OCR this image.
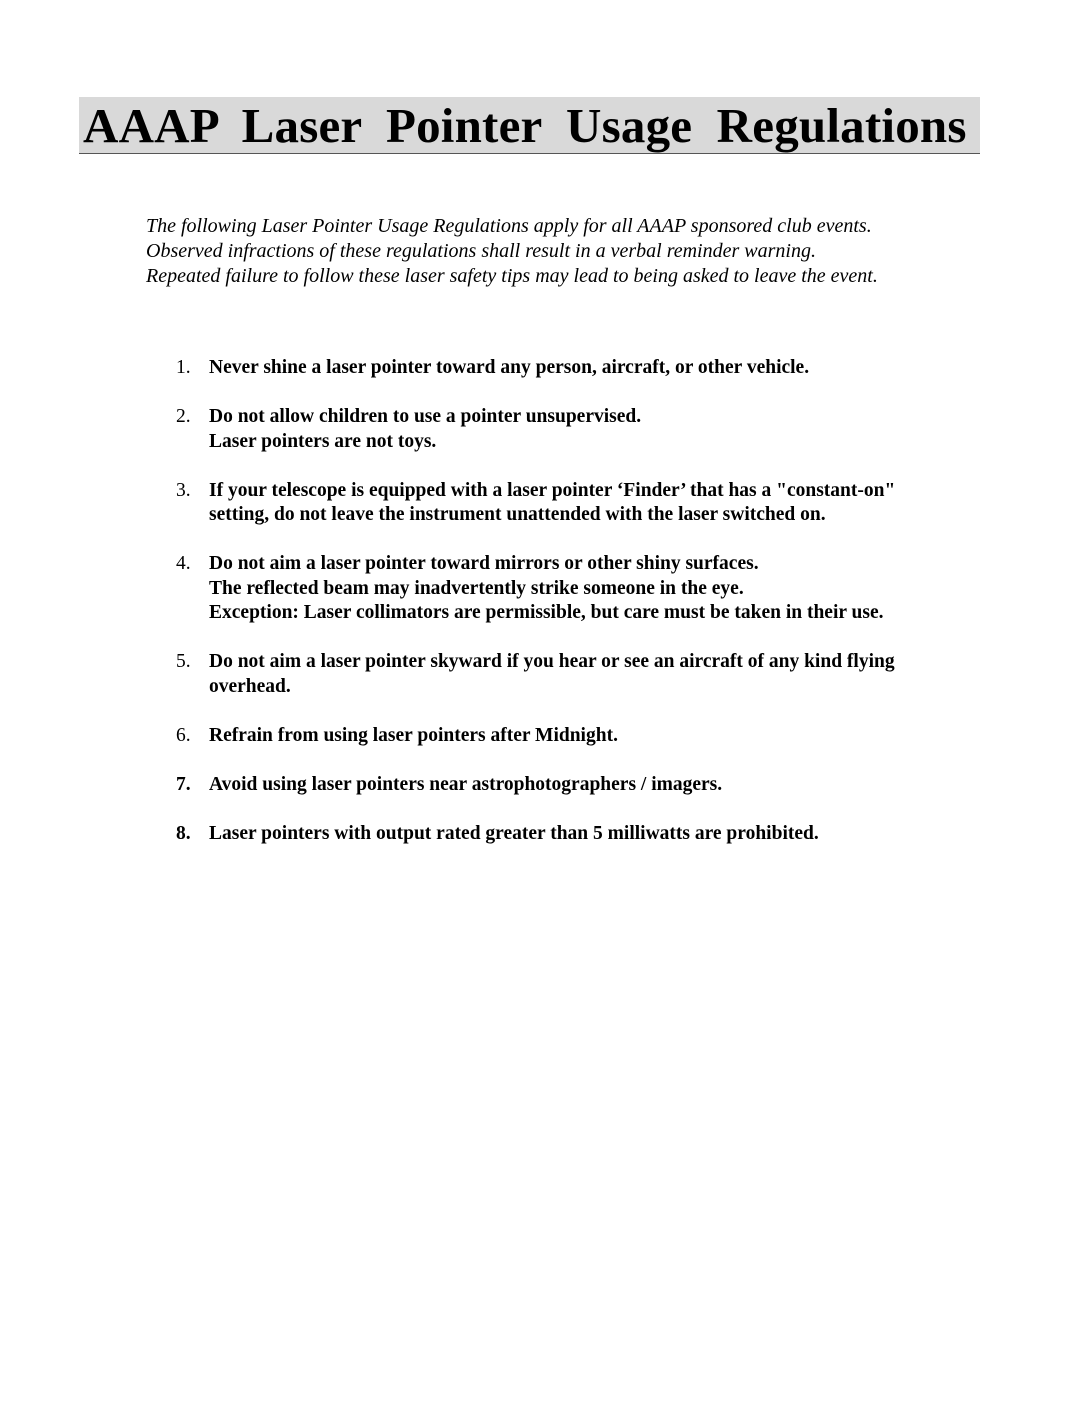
AAAP Laser Pointer Usage Regulations
The following Laser Pointer Usage Regulations apply for all AAAP sponsored club events.
Observed infractions of these regulations shall result in a verbal reminder warning.
Repeated failure to follow these laser safety tips may lead to being asked to leave the event.
1. Never shine a laser pointer toward any person, aircraft, or other vehicle.
2. Do not allow children to use a pointer unsupervised.
Laser pointers are not toys.
3. If your telescope is equipped with a laser pointer ‘Finder’ that has a "constant-on"
setting, do not leave the instrument unattended with the laser switched on.
4. Do not aim a laser pointer toward mirrors or other shiny surfaces.
The reflected beam may inadvertently strike someone in the eye.
Exception: Laser collimators are permissible, but care must be taken in their use.
5. Do not aim a laser pointer skyward if you hear or see an aircraft of any kind flying
overhead.
6. Refrain from using laser pointers after Midnight.
7. Avoid using laser pointers near astrophotographers / imagers.
8. Laser pointers with output rated greater than 5 milliwatts are prohibited.
